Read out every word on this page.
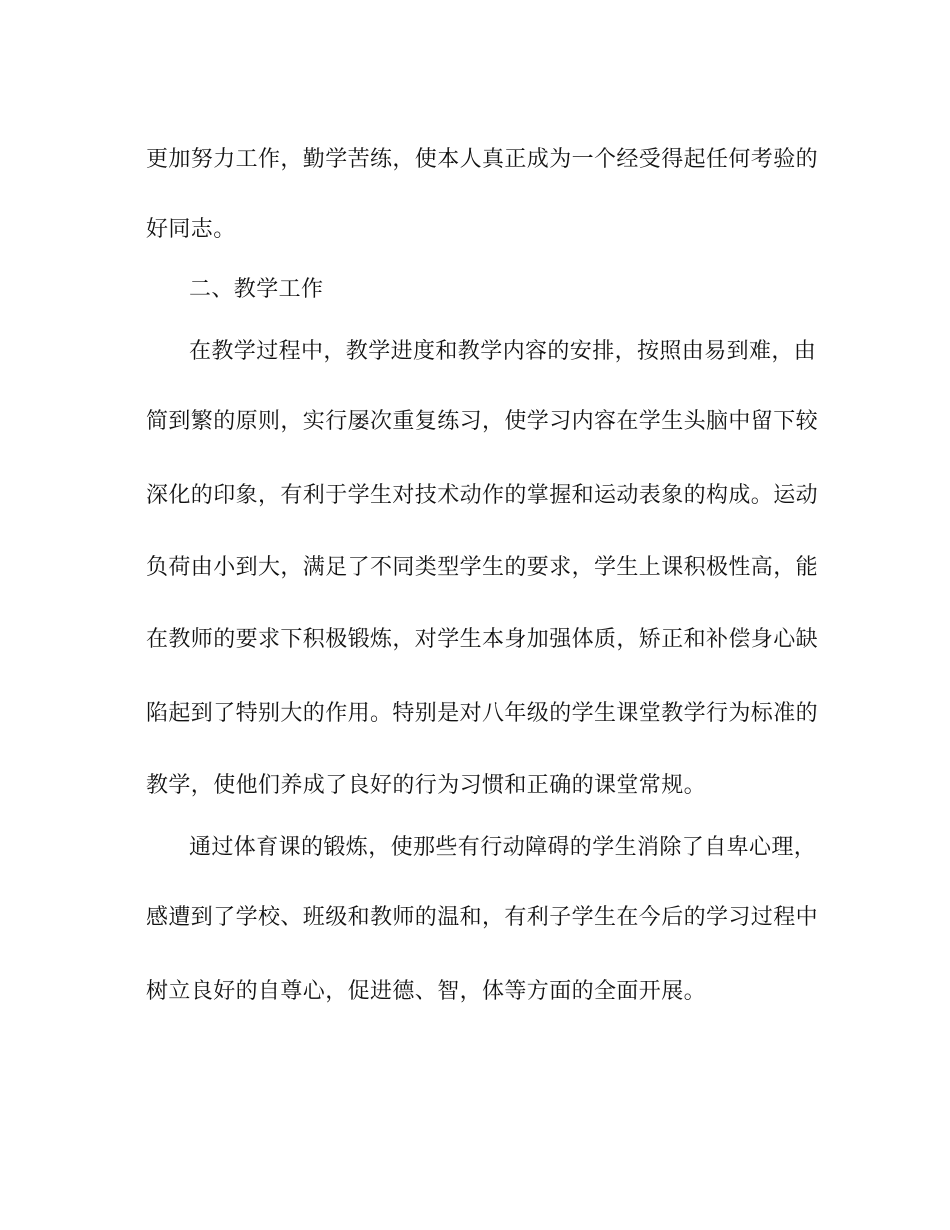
更加努力工作，勤学苦练，使本人真正成为一个经受得起任何考验的
好同志。
二、教学工作
在教学过程中，教学进度和教学内容的安排，按照由易到难，由
简到繁的原则，实行屡次重复练习，使学习内容在学生头脑中留下较
深化的印象，有利于学生对技术动作的掌握和运动表象的构成。运动
负荷由小到大，满足了不同类型学生的要求，学生上课积极性高，能
在教师的要求下积极锻炼，对学生本身加强体质，矫正和补偿身心缺
陷起到了特别大的作用。特别是对八年级的学生课堂教学行为标准的
教学，使他们养成了良好的行为习惯和正确的课堂常规。
通过体育课的锻炼，使那些有行动障碍的学生消除了自卑心理，
感遭到了学校、班级和教师的温和，有利子学生在今后的学习过程中
树立良好的自尊心，促进德、智，体等方面的全面开展。
